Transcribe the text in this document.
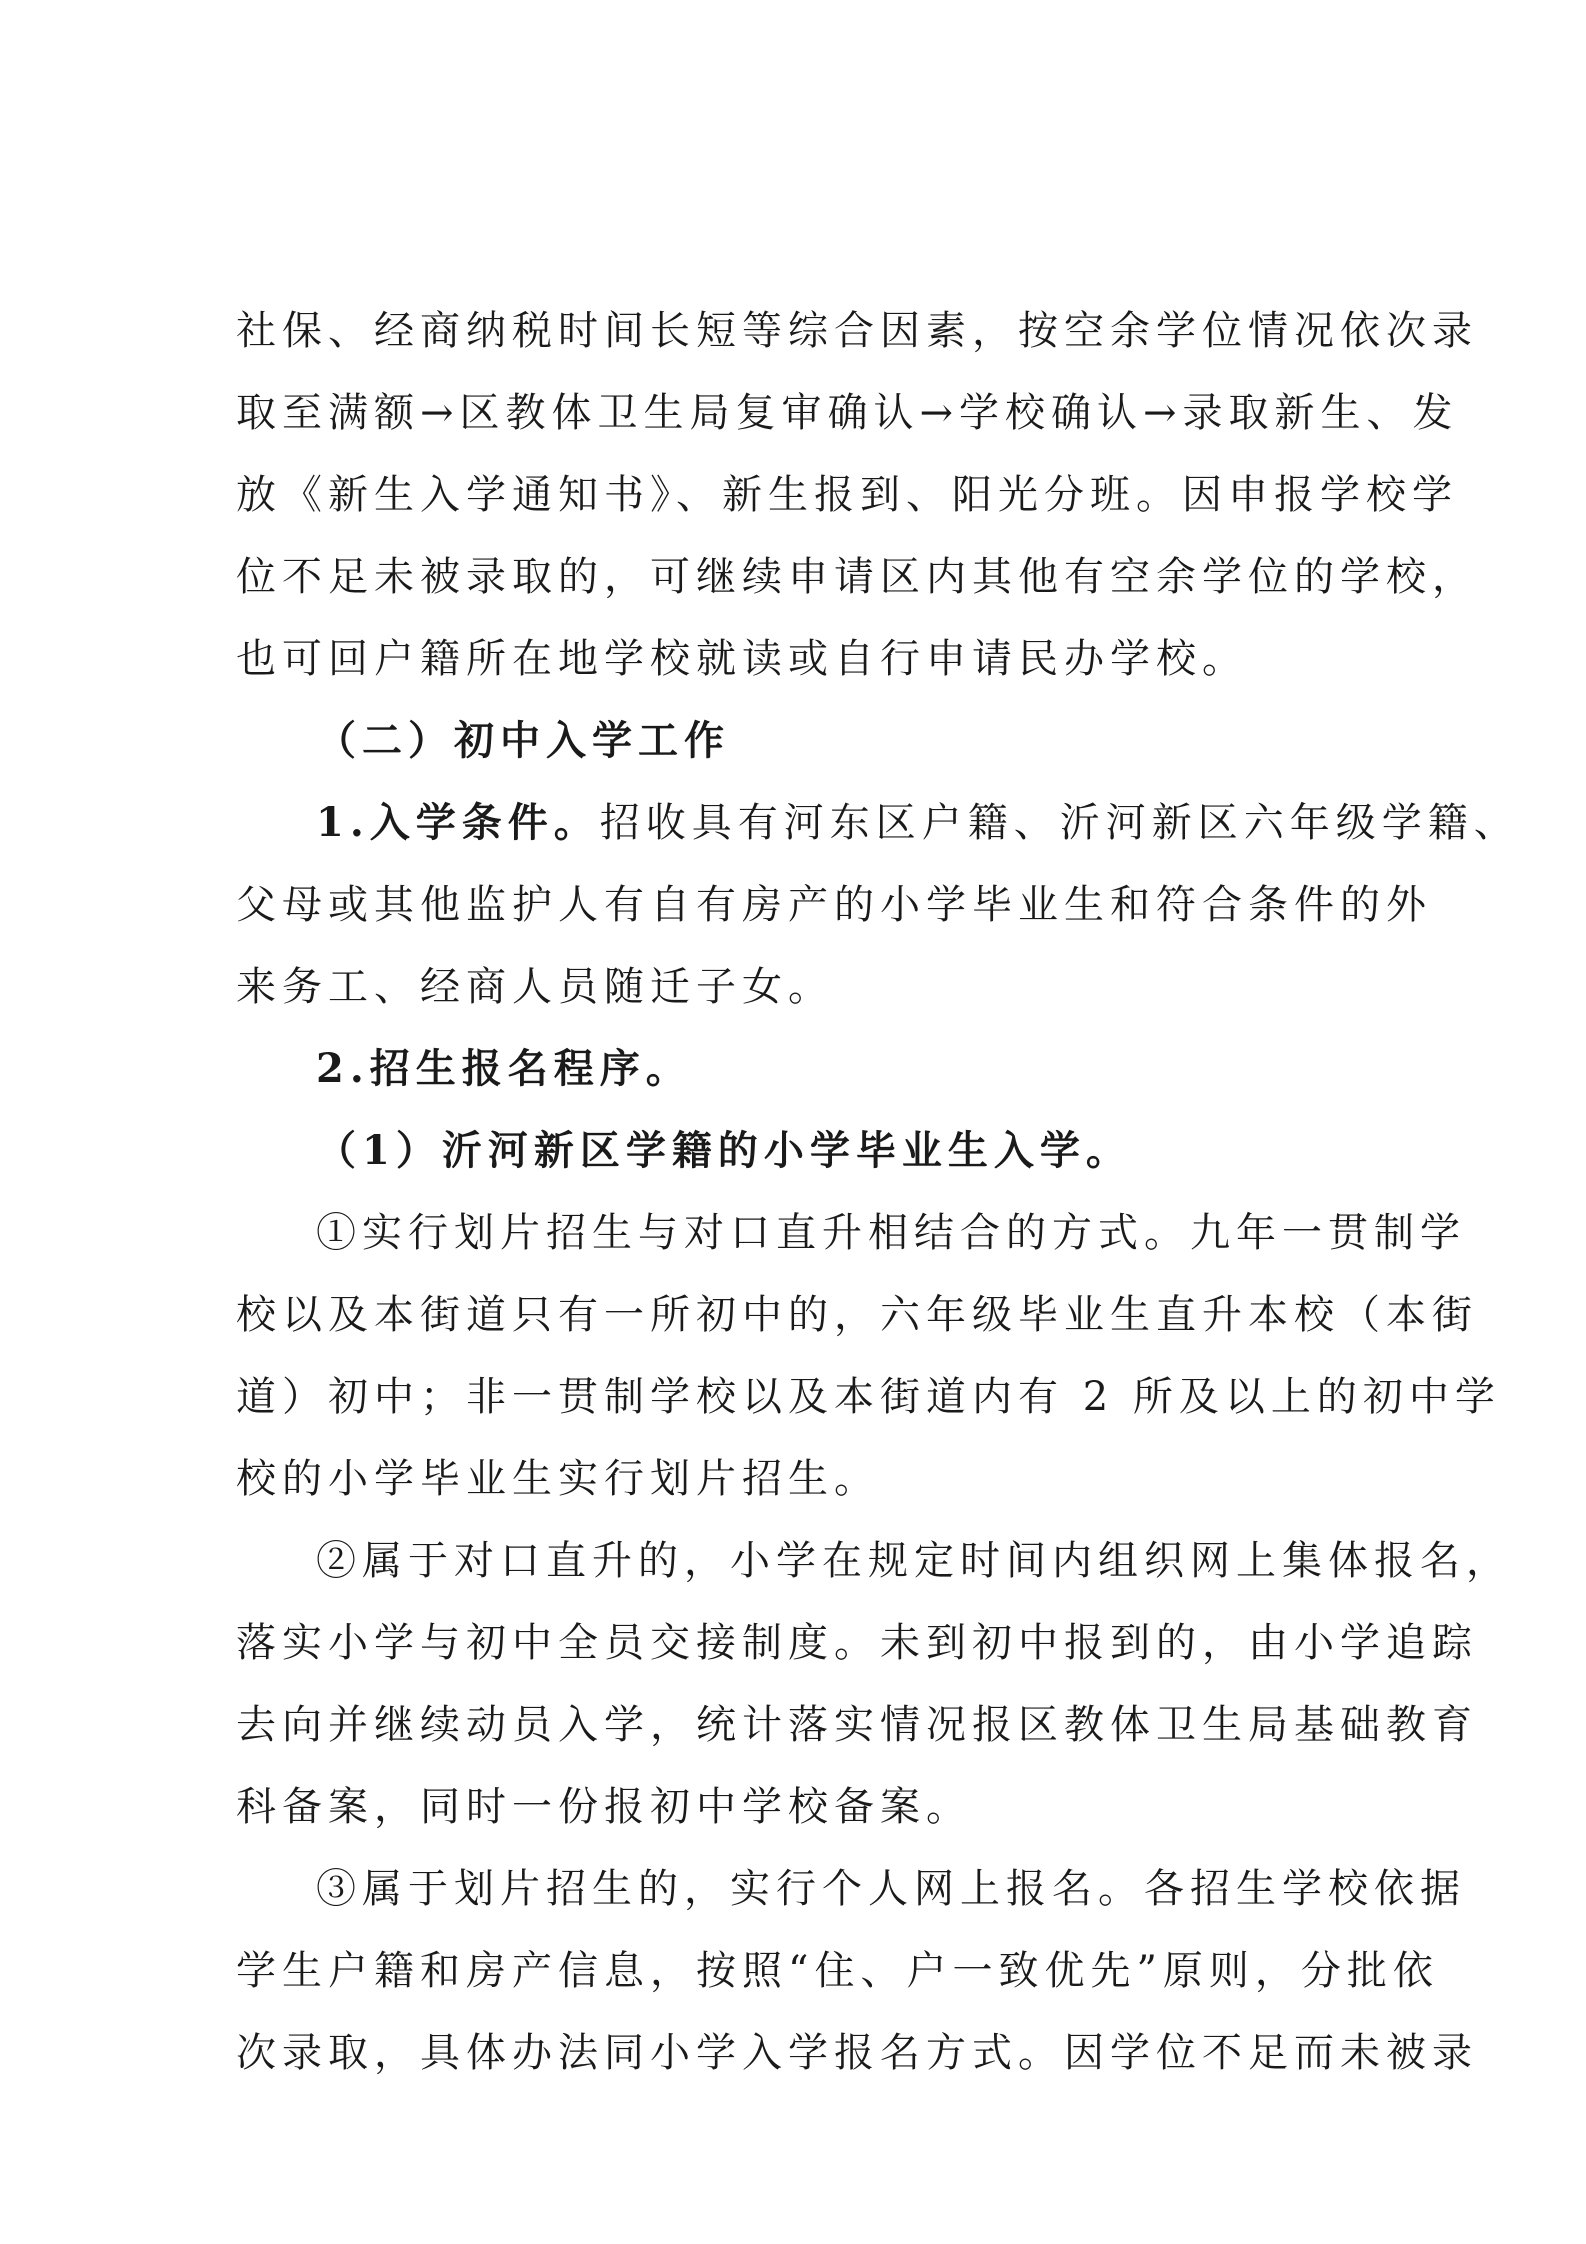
社保、经商纳税时间长短等综合因素，按空余学位情况依次录
取至满额→区教体卫生局复审确认→学校确认→录取新生、发
放《新生入学通知书》、新生报到、阳光分班。因申报学校学
位不足未被录取的，可继续申请区内其他有空余学位的学校，
也可回户籍所在地学校就读或自行申请民办学校。
（二）初中入学工作
1.入学条件。招收具有河东区户籍、沂河新区六年级学籍、
父母或其他监护人有自有房产的小学毕业生和符合条件的外
来务工、经商人员随迁子女。
2.招生报名程序。
（1）沂河新区学籍的小学毕业生入学。
①实行划片招生与对口直升相结合的方式。九年一贯制学
校以及本街道只有一所初中的，六年级毕业生直升本校（本街
道）初中；非一贯制学校以及本街道内有 2 所及以上的初中学
校的小学毕业生实行划片招生。
②属于对口直升的，小学在规定时间内组织网上集体报名，
落实小学与初中全员交接制度。未到初中报到的，由小学追踪
去向并继续动员入学，统计落实情况报区教体卫生局基础教育
科备案，同时一份报初中学校备案。
③属于划片招生的，实行个人网上报名。各招生学校依据
学生户籍和房产信息，按照“住、户一致优先”原则，分批依
次录取，具体办法同小学入学报名方式。因学位不足而未被录
